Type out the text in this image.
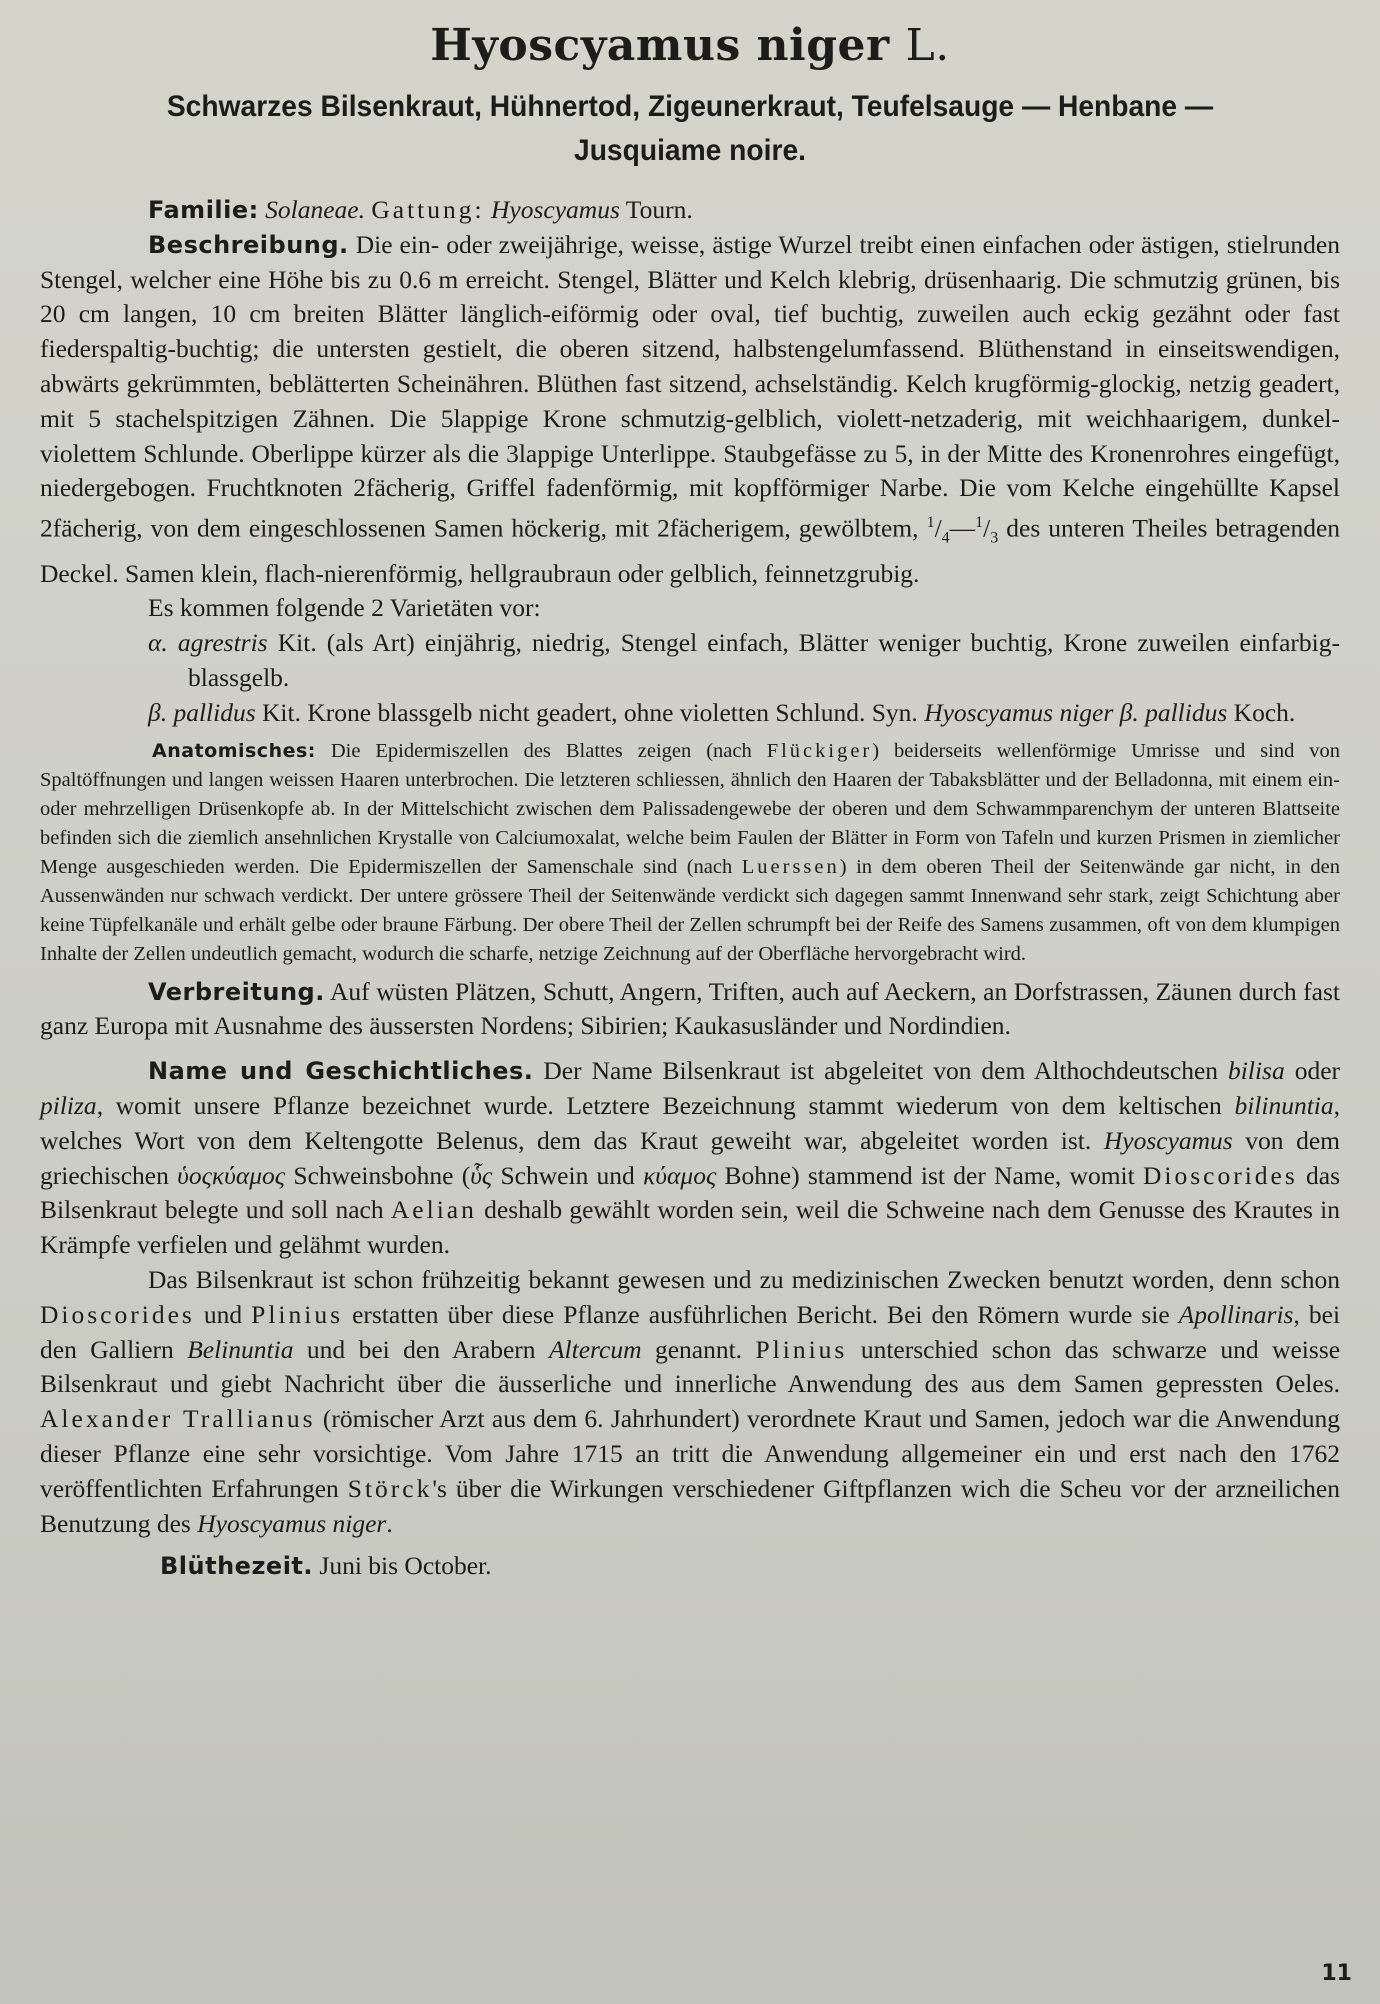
Hyoscyamus niger L.
Schwarzes Bilsenkraut, Hühnertod, Zigeunerkraut, Teufelsauge — Henbane — Jusquiame noire.

Familie: Solaneae. Gattung: Hyoscyamus Tourn.

Beschreibung. Die ein- oder zweijährige, weisse, ästige Wurzel treibt einen einfachen oder ästigen, stielrunden Stengel, welcher eine Höhe bis zu 0.6 m erreicht. Stengel, Blätter und Kelch klebrig, drüsenhaarig. Die schmutzig grünen, bis 20 cm langen, 10 cm breiten Blätter länglich-eiförmig oder oval, tief buchtig, zuweilen auch eckig gezähnt oder fast fiederspaltig-buchtig; die untersten gestielt, die oberen sitzend, halbstengelumfassend. Blüthenstand in einseitswendigen, abwärts gekrümmten, beblätterten Scheinähren. Blüthen fast sitzend, achselständig. Kelch krugförmig-glockig, netzig geadert, mit 5 stachelspitzigen Zähnen. Die 5lappige Krone schmutzig-gelblich, violett-netzaderig, mit weichhaarigem, dunkel-violettem Schlunde. Oberlippe kürzer als die 3lappige Unterlippe. Staubgefässe zu 5, in der Mitte des Kronenrohres eingefügt, niedergebogen. Fruchtknoten 2fächerig, Griffel fadenförmig, mit kopfförmiger Narbe. Die vom Kelche eingehüllte Kapsel 2fächerig, von dem eingeschlossenen Samen höckerig, mit 2fächerigem, gewölbtem, $^1/_4—^1/_3$ des unteren Theiles betragenden Deckel. Samen klein, flach-nierenförmig, hellgraubraun oder gelblich, feinnetzgrubig.

Es kommen folgende 2 Varietäten vor:

α. agrestris Kit. (als Art) einjährig, niedrig, Stengel einfach, Blätter weniger buchtig, Krone zuweilen einfarbig-blassgelb.

β. pallidus Kit. Krone blassgelb nicht geadert, ohne violetten Schlund. Syn. Hyoscyamus niger β. pallidus Koch.

Anatomisches: Die Epidermiszellen des Blattes zeigen (nach Flückiger) beiderseits wellenförmige Umrisse und sind von Spaltöffnungen und langen weissen Haaren unterbrochen. Die letzteren schliessen, ähnlich den Haaren der Tabaksblätter und der Belladonna, mit einem ein- oder mehrzelligen Drüsenkopfe ab. In der Mittelschicht zwischen dem Palissadengewebe der oberen und dem Schwammparenchym der unteren Blattseite befinden sich die ziemlich ansehnlichen Krystalle von Calciumoxalat, welche beim Faulen der Blätter in Form von Tafeln und kurzen Prismen in ziemlicher Menge ausgeschieden werden. Die Epidermiszellen der Samenschale sind (nach Luerssen) in dem oberen Theil der Seitenwände gar nicht, in den Aussenwänden nur schwach verdickt. Der untere grössere Theil der Seitenwände verdickt sich dagegen sammt Innenwand sehr stark, zeigt Schichtung aber keine Tüpfelkanäle und erhält gelbe oder braune Färbung. Der obere Theil der Zellen schrumpft bei der Reife des Samens zusammen, oft von dem klumpigen Inhalte der Zellen undeutlich gemacht, wodurch die scharfe, netzige Zeichnung auf der Oberfläche hervorgebracht wird.

Verbreitung. Auf wüsten Plätzen, Schutt, Angern, Triften, auch auf Aeckern, an Dorfstrassen, Zäunen durch fast ganz Europa mit Ausnahme des äussersten Nordens; Sibirien; Kaukasusländer und Nordindien.

Name und Geschichtliches. Der Name Bilsenkraut ist abgeleitet von dem Althochdeutschen bilisa oder piliza, womit unsere Pflanze bezeichnet wurde. Letztere Bezeichnung stammt wiederum von dem keltischen bilinuntia, welches Wort von dem Keltengotte Belenus, dem das Kraut geweiht war, abgeleitet worden ist. Hyoscyamus von dem griechischen ὑοςκύαμος Schweinsbohne (ὗς Schwein und κύαμος Bohne) stammend ist der Name, womit Dioscorides das Bilsenkraut belegte und soll nach Aelian deshalb gewählt worden sein, weil die Schweine nach dem Genusse des Krautes in Krämpfe verfielen und gelähmt wurden.

Das Bilsenkraut ist schon frühzeitig bekannt gewesen und zu medizinischen Zwecken benutzt worden, denn schon Dioscorides und Plinius erstatten über diese Pflanze ausführlichen Bericht. Bei den Römern wurde sie Apollinaris, bei den Galliern Belinuntia und bei den Arabern Altercum genannt. Plinius unterschied schon das schwarze und weisse Bilsenkraut und giebt Nachricht über die äusserliche und innerliche Anwendung des aus dem Samen gepressten Oeles. Alexander Trallianus (römischer Arzt aus dem 6. Jahrhundert) verordnete Kraut und Samen, jedoch war die Anwendung dieser Pflanze eine sehr vorsichtige. Vom Jahre 1715 an tritt die Anwendung allgemeiner ein und erst nach den 1762 veröffentlichten Erfahrungen Störck's über die Wirkungen verschiedener Giftpflanzen wich die Scheu vor der arzneilichen Benutzung des Hyoscyamus niger.

Blüthezeit. Juni bis October.

11
